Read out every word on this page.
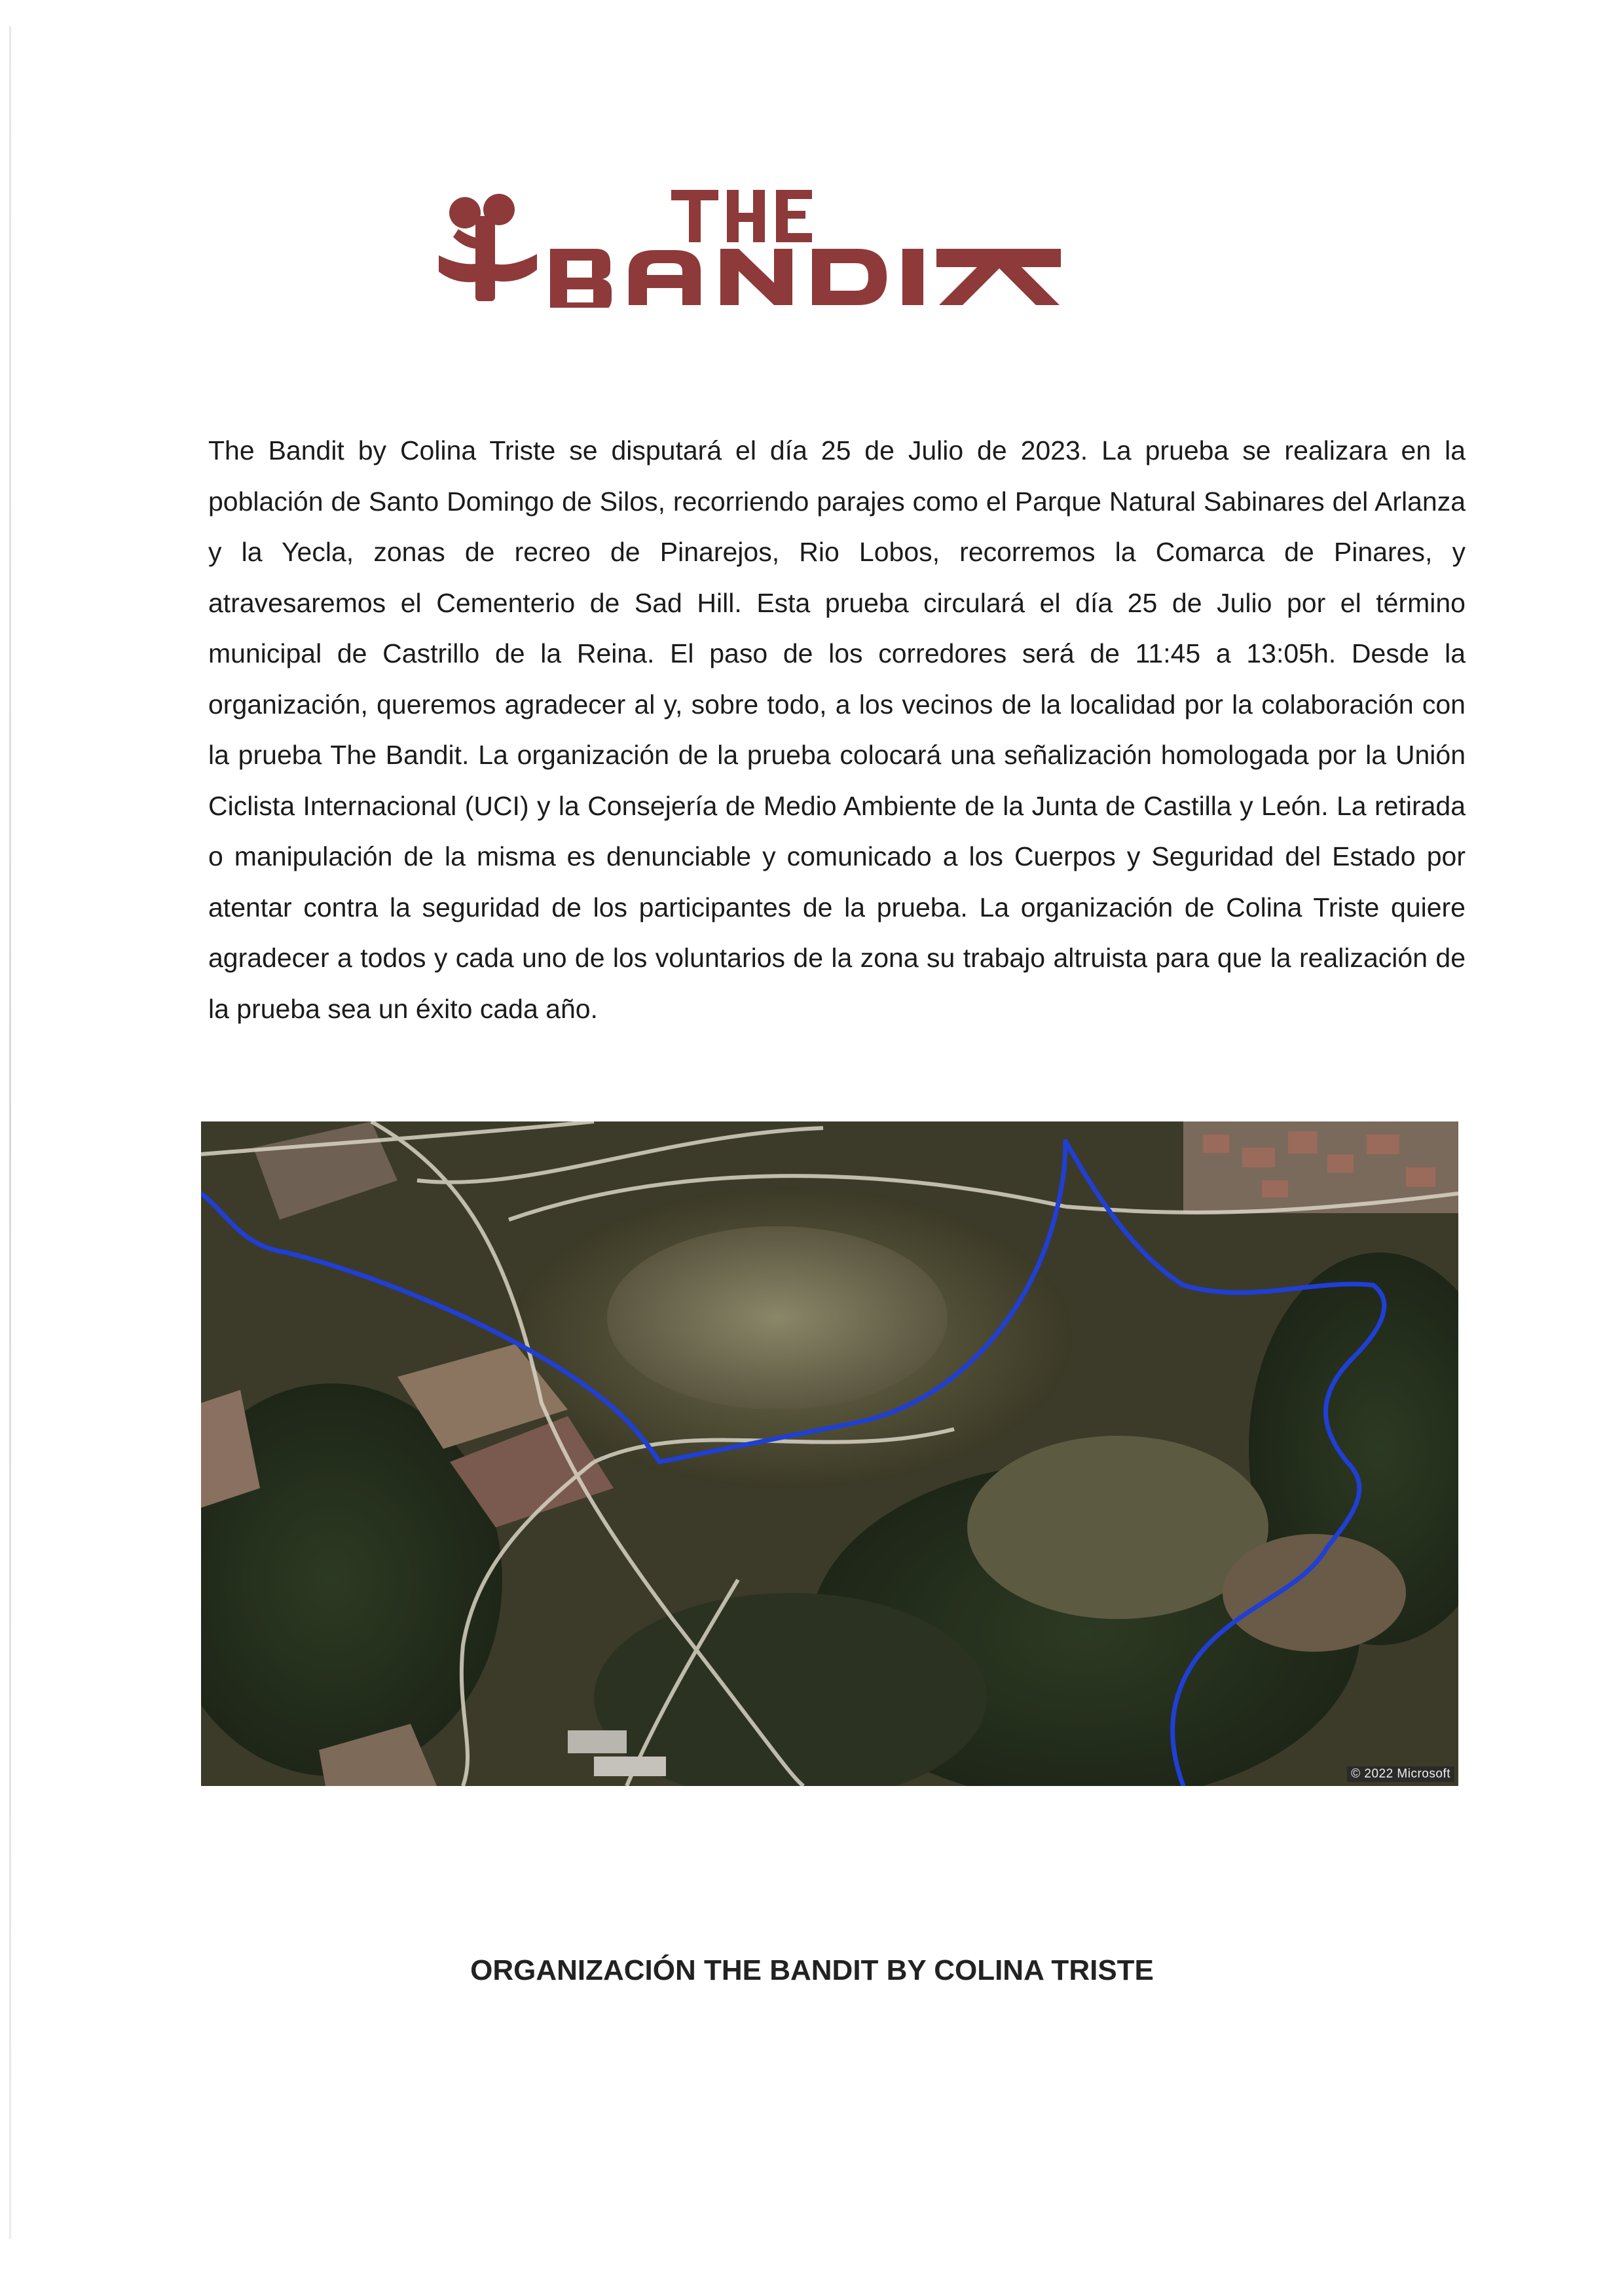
The Bandit by Colina Triste se disputará el día 25 de Julio de 2023. La prueba se realizara en la población de Santo Domingo de Silos, recorriendo parajes como el Parque Natural Sabinares del Arlanza y la Yecla, zonas de recreo de Pinarejos, Rio Lobos, recorremos la Comarca de Pinares, y atravesaremos el Cementerio de Sad Hill. Esta prueba circulará el día 25 de Julio por el término municipal de Castrillo de la Reina. El paso de los corredores será de 11:45 a 13:05h. Desde la organización, queremos agradecer al y, sobre todo, a los vecinos de la localidad por la colaboración con la prueba The Bandit. La organización de la prueba colocará una señalización homologada por la Unión Ciclista Internacional (UCI) y la Consejería de Medio Ambiente de la Junta de Castilla y León. La retirada o manipulación de la misma es denunciable y comunicado a los Cuerpos y Seguridad del Estado por atentar contra la seguridad de los participantes de la prueba. La organización de Colina Triste quiere agradecer a todos y cada uno de los voluntarios de la zona su trabajo altruista para que la realización de la prueba sea un éxito cada año.

© 2022 Microsoft
ORGANIZACIÓN THE BANDIT BY COLINA TRISTE
